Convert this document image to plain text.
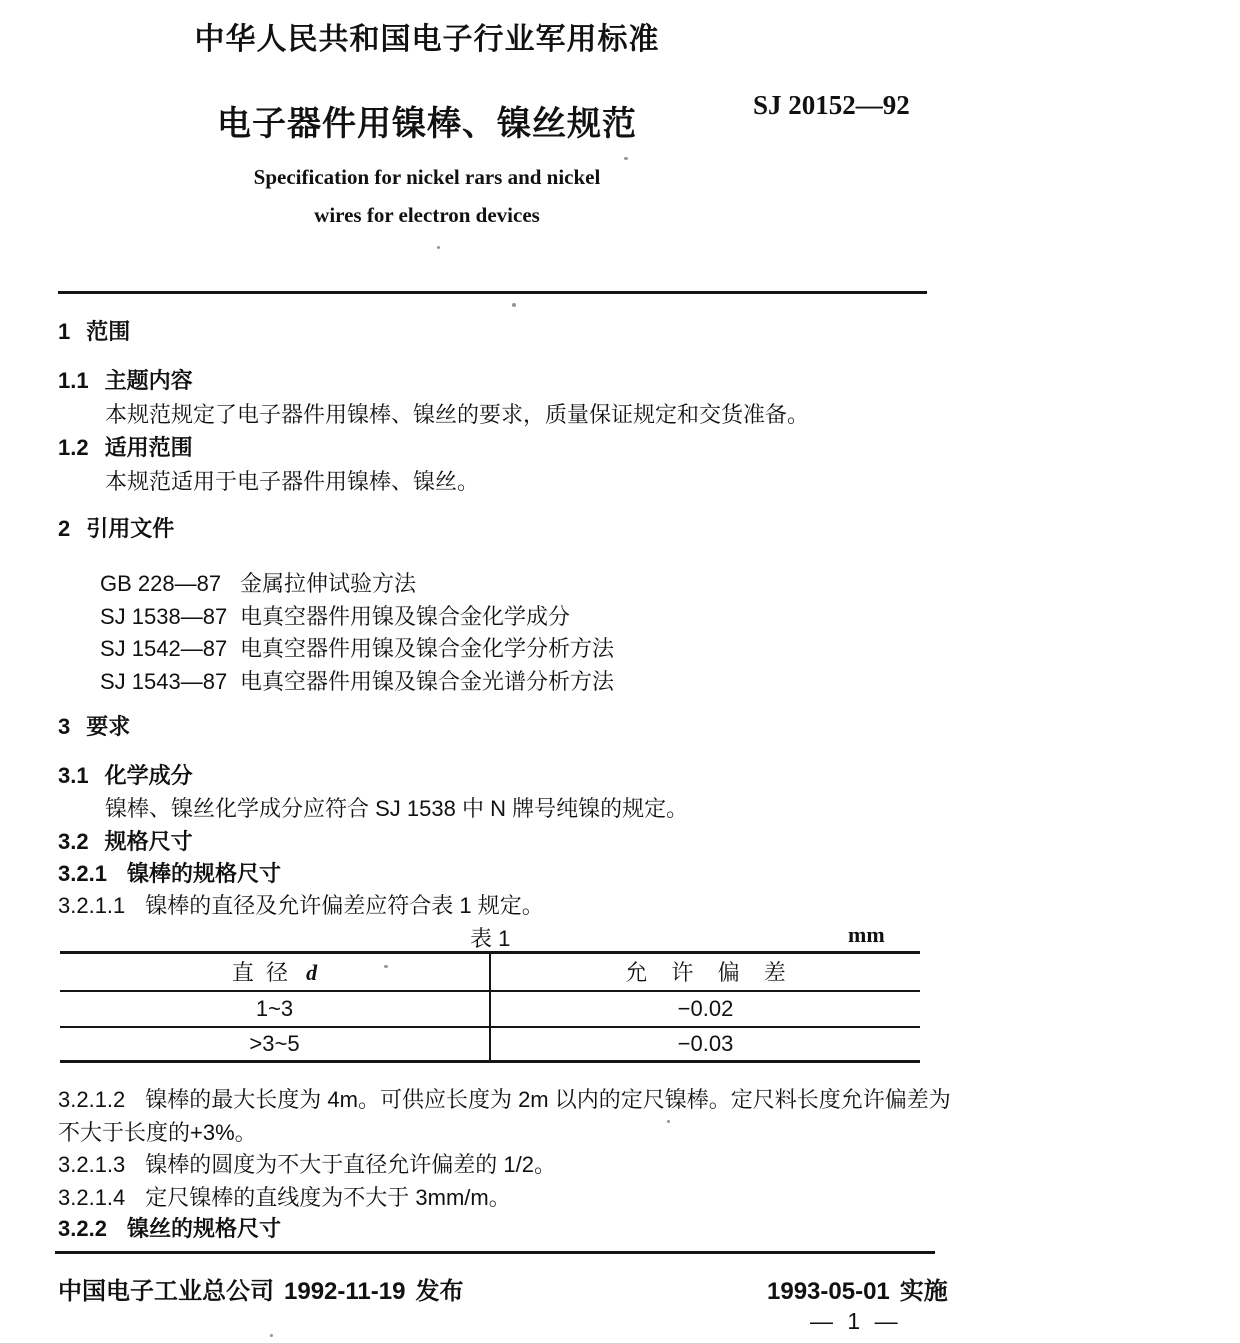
中华人民共和国电子行业军用标准
SJ 20152—92
电子器件用镍棒、镍丝规范
Specification for nickel rars and nickel
wires for electron devices
1 范围
1.1 主题内容
本规范规定了电子器件用镍棒、镍丝的要求，质量保证规定和交货准备。
1.2 适用范围
本规范适用于电子器件用镍棒、镍丝。
2 引用文件
GB 228—87 金属拉伸试验方法
SJ 1538—87 电真空器件用镍及镍合金化学成分
SJ 1542—87 电真空器件用镍及镍合金化学分析方法
SJ 1543—87 电真空器件用镍及镍合金光谱分析方法
3 要求
3.1 化学成分
镍棒、镍丝化学成分应符合 SJ 1538 中 N 牌号纯镍的规定。
3.2 规格尺寸
3.2.1 镍棒的规格尺寸
3.2.1.1 镍棒的直径及允许偏差应符合表 1 规定。
表 1	mm
直径 d	允许偏差
1~3	−0.02
>3~5	−0.03
3.2.1.2 镍棒的最大长度为 4m。可供应长度为 2m 以内的定尺镍棒。定尺料长度允许偏差为
不大于长度的+3%。
3.2.1.3 镍棒的圆度为不大于直径允许偏差的 1/2。
3.2.1.4 定尺镍棒的直线度为不大于 3mm/m。
3.2.2 镍丝的规格尺寸
中国电子工业总公司 1992-11-19 发布	1993-05-01 实施
— 1 —
